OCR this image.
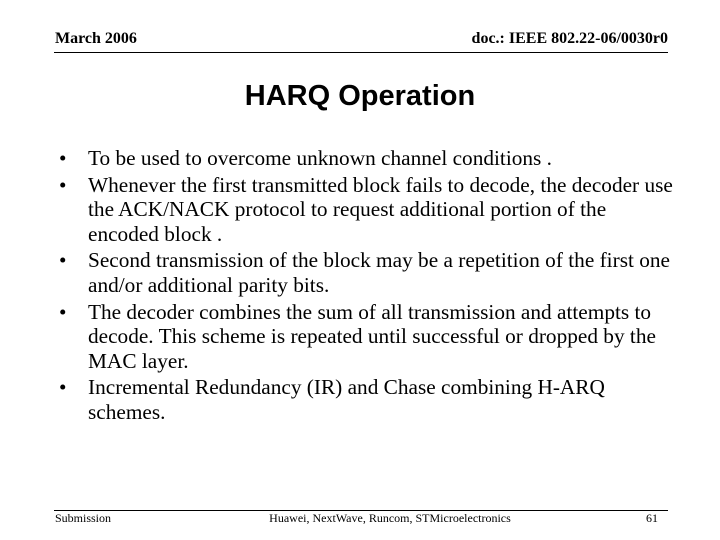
March 2006	doc.: IEEE 802.22-06/0030r0
HARQ Operation
• To be used to overcome unknown channel conditions .
• Whenever the first transmitted block fails to decode, the decoder use the ACK/NACK protocol to request additional portion of the encoded block .
• Second transmission of the block may be a repetition of the first one and/or additional parity bits.
• The decoder combines the sum of all transmission and attempts to decode. This scheme is repeated until successful or dropped by the MAC layer.
• Incremental Redundancy (IR) and Chase combining H-ARQ schemes.
Submission	Huawei, NextWave, Runcom, STMicroelectronics	61
